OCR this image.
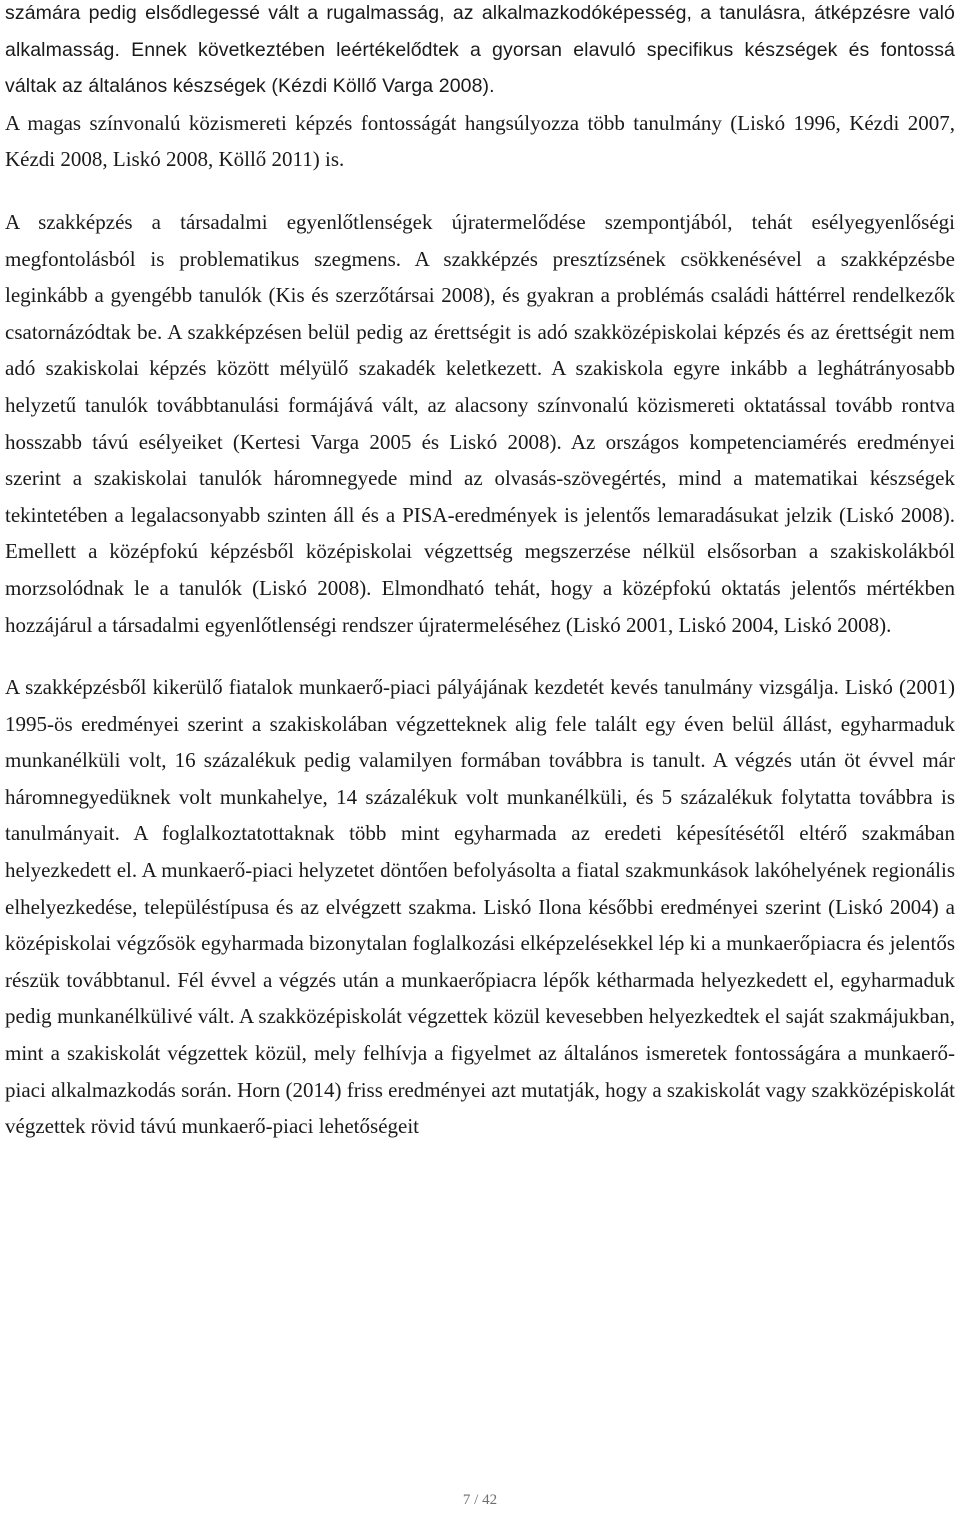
számára pedig elsődlegessé vált a rugalmasság, az alkalmazkodóképesség, a tanulásra, átképzésre való alkalmasság. Ennek következtében leértékelődtek a gyorsan elavuló specifikus készségek és fontossá váltak az általános készségek (Kézdi Köllő Varga 2008).
A magas színvonalú közismereti képzés fontosságát hangsúlyozza több tanulmány (Liskó 1996, Kézdi 2007, Kézdi 2008, Liskó 2008, Köllő 2011) is.

A szakképzés a társadalmi egyenlőtlenségek újratermelődése szempontjából, tehát esélyegyenlőségi megfontolásból is problematikus szegmens. A szakképzés presztízsének csökkenésével a szakképzésbe leginkább a gyengébb tanulók (Kis és szerzőtársai 2008), és gyakran a problémás családi háttérrel rendelkezők csatornázódtak be. A szakképzésen belül pedig az érettségit is adó szakközépiskolai képzés és az érettségit nem adó szakiskolai képzés között mélyülő szakadék keletkezett. A szakiskola egyre inkább a leghátrányosabb helyzetű tanulók továbbtanulási formájává vált, az alacsony színvonalú közismereti oktatással tovább rontva hosszabb távú esélyeiket (Kertesi Varga 2005 és Liskó 2008). Az országos kompetenciamérés eredményei szerint a szakiskolai tanulók háromnegyede mind az olvasás-szövegértés, mind a matematikai készségek tekintetében a legalacsonyabb szinten áll és a PISA-eredmények is jelentős lemaradásukat jelzik (Liskó 2008). Emellett a középfokú képzésből középiskolai végzettség megszerzése nélkül elsősorban a szakiskolákból morzsolódnak le a tanulók (Liskó 2008). Elmondható tehát, hogy a középfokú oktatás jelentős mértékben hozzájárul a társadalmi egyenlőtlenségi rendszer újratermeléséhez (Liskó 2001, Liskó 2004, Liskó 2008).

A szakképzésből kikerülő fiatalok munkaerő-piaci pályájának kezdetét kevés tanulmány vizsgálja. Liskó (2001) 1995-ös eredményei szerint a szakiskolában végzetteknek alig fele talált egy éven belül állást, egyharmaduk munkanélküli volt, 16 százalékuk pedig valamilyen formában továbbra is tanult. A végzés után öt évvel már háromnegyedüknek volt munkahelye, 14 százalékuk volt munkanélküli, és 5 százalékuk folytatta továbbra is tanulmányait. A foglalkoztatottaknak több mint egyharmada az eredeti képesítésétől eltérő szakmában helyezkedett el. A munkaerő-piaci helyzetet döntően befolyásolta a fiatal szakmunkások lakóhelyének regionális elhelyezkedése, településtípusa és az elvégzett szakma. Liskó Ilona későbbi eredményei szerint (Liskó 2004) a középiskolai végzősök egyharmada bizonytalan foglalkozási elképzelésekkel lép ki a munkaerőpiacra és jelentős részük továbbtanul. Fél évvel a végzés után a munkaerőpiacra lépők kétharmada helyezkedett el, egyharmaduk pedig munkanélkülivé vált. A szakközépiskolát végzettek közül kevesebben helyezkedtek el saját szakmájukban, mint a szakiskolát végzettek közül, mely felhívja a figyelmet az általános ismeretek fontosságára a munkaerő-piaci alkalmazkodás során. Horn (2014) friss eredményei azt mutatják, hogy a szakiskolát vagy szakközépiskolát végzettek rövid távú munkaerő-piaci lehetőségeit

7 / 42
